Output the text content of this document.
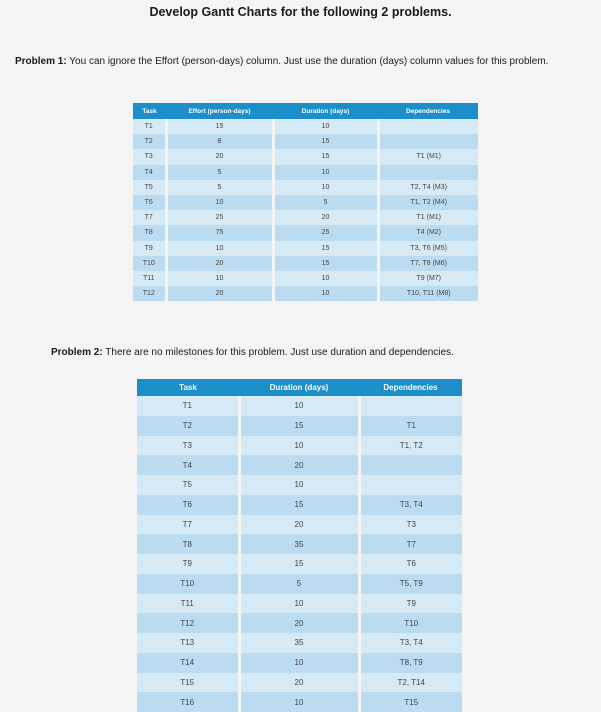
Develop Gantt Charts for the following 2 problems.
Problem 1: You can ignore the Effort (person-days) column. Just use the duration (days) column values for this problem.
Task	Effort (person-days)	Duration (days)	Dependencies
T1	15	10	
T2	8	15	
T3	20	15	T1 (M1)
T4	5	10	
T5	5	10	T2, T4 (M3)
T6	10	5	T1, T2 (M4)
T7	25	20	T1 (M1)
T8	75	25	T4 (M2)
T9	10	15	T3, T6 (M5)
T10	20	15	T7, T8 (M6)
T11	10	10	T9 (M7)
T12	20	10	T10, T11 (M8)
Problem 2: There are no milestones for this problem. Just use duration and dependencies.
Task	Duration (days)	Dependencies
T1	10	
T2	15	T1
T3	10	T1, T2
T4	20	
T5	10	
T6	15	T3, T4
T7	20	T3
T8	35	T7
T9	15	T6
T10	5	T5, T9
T11	10	T9
T12	20	T10
T13	35	T3, T4
T14	10	T8, T9
T15	20	T2, T14
T16	10	T15
